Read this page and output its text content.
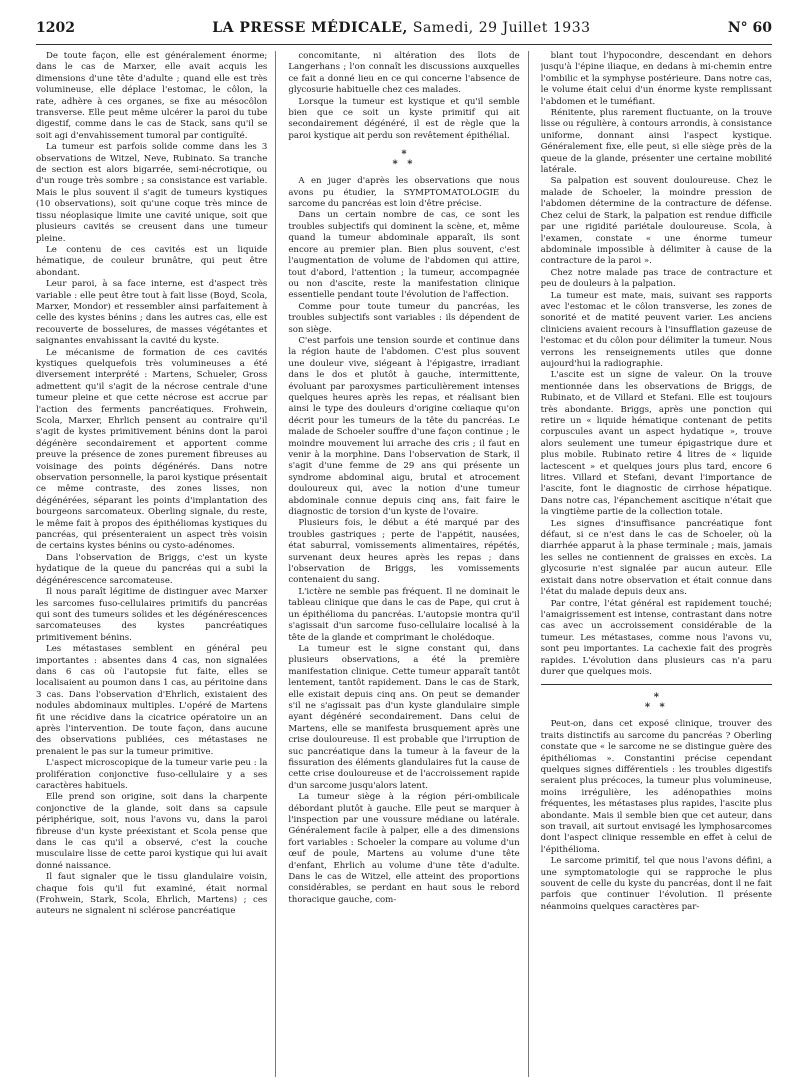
1202	LA PRESSE MÉDICALE, Samedi, 29 Juillet 1933	N° 60

De toute façon, elle est généralement énorme; dans le cas de Marxer, elle avait acquis les dimensions d'une tête d'adulte ; quand elle est très volumineuse, elle déplace l'estomac, le côlon, la rate, adhère à ces organes, se fixe au mésocôlon transverse. Elle peut même ulcérer la paroi du tube digestif, comme dans le cas de Stack, sans qu'il se soit agi d'envahissement tumoral par contiguïté.

La tumeur est parfois solide comme dans les 3 observations de Witzel, Neve, Rubinato. Sa tranche de section est alors bigarrée, semi-nécrotique, ou d'un rouge très sombre ; sa consistance est variable. Mais le plus souvent il s'agit de tumeurs kystiques (10 observations), soit qu'une coque très mince de tissu néoplasique limite une cavité unique, soit que plusieurs cavités se creusent dans une tumeur pleine.

Le contenu de ces cavités est un liquide hématique, de couleur brunâtre, qui peut être abondant.

Leur paroi, à sa face interne, est d'aspect très variable : elle peut être tout à fait lisse (Boyd, Scola, Marxer, Mondor) et ressembler ainsi parfaitement à celle des kystes bénins ; dans les autres cas, elle est recouverte de bosselures, de masses végétantes et saignantes envahissant la cavité du kyste.

Le mécanisme de formation de ces cavités kystiques quelquefois très volumineuses a été diversement interprété : Martens, Schueler, Gross admettent qu'il s'agit de la nécrose centrale d'une tumeur pleine et que cette nécrose est accrue par l'action des ferments pancréatiques. Frohwein, Scola, Marxer, Ehrlich pensent au contraire qu'il s'agit de kystes primitivement bénins dont la paroi dégénère secondairement et apportent comme preuve la présence de zones purement fibreuses au voisinage des points dégénérés. Dans notre observation personnelle, la paroi kystique présentait ce même contraste, des zones lisses, non dégénérées, séparant les points d'implantation des bourgeons sarcomateux. Oberling signale, du reste, le même fait à propos des épithéliomas kystiques du pancréas, qui présenteraient un aspect très voisin de certains kystes bénins ou cysto-adénomes.

Dans l'observation de Briggs, c'est un kyste hydatique de la queue du pancréas qui a subi la dégénérescence sarcomateuse.

Il nous paraît légitime de distinguer avec Marxer les sarcomes fuso-cellulaires primitifs du pancréas qui sont des tumeurs solides et les dégénérescences sarcomateuses des kystes pancréatiques primitivement bénins.

Les métastases semblent en général peu importantes : absentes dans 4 cas, non signalées dans 6 cas où l'autopsie fut faite, elles se localisaient au poumon dans 1 cas, au péritoine dans 3 cas. Dans l'observation d'Ehrlich, existaient des nodules abdominaux multiples. L'opéré de Martens fit une récidive dans la cicatrice opératoire un an après l'intervention. De toute façon, dans aucune des observations publiées, ces métastases ne prenaient le pas sur la tumeur primitive.

L'aspect microscopique de la tumeur varie peu : la prolifération conjonctive fuso-cellulaire y a ses caractères habituels.

Elle prend son origine, soit dans la charpente conjonctive de la glande, soit dans sa capsule périphérique, soit, nous l'avons vu, dans la paroi fibreuse d'un kyste préexistant et Scola pense que dans le cas qu'il a observé, c'est la couche musculaire lisse de cette paroi kystique qui lui avait donné naissance.

Il faut signaler que le tissu glandulaire voisin, chaque fois qu'il fut examiné, était normal (Frohwein, Stark, Scola, Ehrlich, Martens) ; ces auteurs ne signalent ni sclérose pancréatique

concomitante, ni altération des îlots de Langerhans ; l'on connaît les discussions auxquelles ce fait a donné lieu en ce qui concerne l'absence de glycosurie habituelle chez ces malades.

Lorsque la tumeur est kystique et qu'il semble bien que ce soit un kyste primitif qui ait secondairement dégénéré, il est de règle que la paroi kystique ait perdu son revêtement épithélial.

*
* *

A en juger d'après les observations que nous avons pu étudier, la SYMPTOMATOLOGIE du sarcome du pancréas est loin d'être précise.

Dans un certain nombre de cas, ce sont les troubles subjectifs qui dominent la scène, et, même quand la tumeur abdominale apparaît, ils sont encore au premier plan. Bien plus souvent, c'est l'augmentation de volume de l'abdomen qui attire, tout d'abord, l'attention ; la tumeur, accompagnée ou non d'ascite, reste la manifestation clinique essentielle pendant toute l'évolution de l'affection.

Comme pour toute tumeur du pancréas, les troubles subjectifs sont variables : ils dépendent de son siège.

C'est parfois une tension sourde et continue dans la région haute de l'abdomen. C'est plus souvent une douleur vive, siégeant à l'épigastre, irradiant dans le dos et plutôt à gauche, intermittente, évoluant par paroxysmes particulièrement intenses quelques heures après les repas, et réalisant bien ainsi le type des douleurs d'origine cœliaque qu'on décrit pour les tumeurs de la tête du pancréas. Le malade de Schoeler souffre d'une façon continue ; le moindre mouvement lui arrache des cris ; il faut en venir à la morphine. Dans l'observation de Stark, il s'agit d'une femme de 29 ans qui présente un syndrome abdominal aigu, brutal et atrocement douloureux qui, avec la notion d'une tumeur abdominale connue depuis cinq ans, fait faire le diagnostic de torsion d'un kyste de l'ovaire.

Plusieurs fois, le début a été marqué par des troubles gastriques ; perte de l'appétit, nausées, état saburral, vomissements alimentaires, répétés, survenant deux heures après les repas ; dans l'observation de Briggs, les vomissements contenaient du sang.

L'ictère ne semble pas fréquent. Il ne dominait le tableau clinique que dans le cas de Pape, qui crut à un épithélioma du pancréas. L'autopsie montra qu'il s'agissait d'un sarcome fuso-cellulaire localisé à la tête de la glande et comprimant le cholédoque.

La tumeur est le signe constant qui, dans plusieurs observations, a été la première manifestation clinique. Cette tumeur apparaît tantôt lentement, tantôt rapidement. Dans le cas de Stark, elle existait depuis cinq ans. On peut se demander s'il ne s'agissait pas d'un kyste glandulaire simple ayant dégénéré secondairement. Dans celui de Martens, elle se manifesta brusquement après une crise douloureuse. Il est probable que l'irruption de suc pancréatique dans la tumeur à la faveur de la fissuration des éléments glandulaires fut la cause de cette crise douloureuse et de l'accroissement rapide d'un sarcome jusqu'alors latent.

La tumeur siège à la région péri-ombilicale débordant plutôt à gauche. Elle peut se marquer à l'inspection par une voussure médiane ou latérale. Généralement facile à palper, elle a des dimensions fort variables : Schoeler la compare au volume d'un œuf de poule, Martens au volume d'une tête d'enfant, Ehrlich au volume d'une tête d'adulte. Dans le cas de Witzel, elle atteint des proportions considérables, se perdant en haut sous le rebord thoracique gauche, com-

blant tout l'hypocondre, descendant en dehors jusqu'à l'épine iliaque, en dedans à mi-chemin entre l'ombilic et la symphyse postérieure. Dans notre cas, le volume était celui d'un énorme kyste remplissant l'abdomen et le tuméfiant.

Rénitente, plus rarement fluctuante, on la trouve lisse ou régulière, à contours arrondis, à consistance uniforme, donnant ainsi l'aspect kystique. Généralement fixe, elle peut, si elle siège près de la queue de la glande, présenter une certaine mobilité latérale.

Sa palpation est souvent douloureuse. Chez le malade de Schoeler, la moindre pression de l'abdomen détermine de la contracture de défense. Chez celui de Stark, la palpation est rendue difficile par une rigidité pariétale douloureuse. Scola, à l'examen, constate « une énorme tumeur abdominale impossible à délimiter à cause de la contracture de la paroi ».

Chez notre malade pas trace de contracture et peu de douleurs à la palpation.

La tumeur est mate, mais, suivant ses rapports avec l'estomac et le côlon transverse, les zones de sonorité et de matité peuvent varier. Les anciens cliniciens avaient recours à l'insufflation gazeuse de l'estomac et du côlon pour délimiter la tumeur. Nous verrons les renseignements utiles que donne aujourd'hui la radiographie.

L'ascite est un signe de valeur. On la trouve mentionnée dans les observations de Briggs, de Rubinato, et de Villard et Stefani. Elle est toujours très abondante. Briggs, après une ponction qui retire un « liquide hématique contenant de petits corpuscules avant un aspect hydatique », trouve alors seulement une tumeur épigastrique dure et plus mobile. Rubinato retire 4 litres de « liquide lactescent » et quelques jours plus tard, encore 6 litres. Villard et Stefani, devant l'importance de l'ascite, font le diagnostic de cirrhose hépatique. Dans notre cas, l'épanchement ascitique n'était que la vingtième partie de la collection totale.

Les signes d'insuffisance pancréatique font défaut, si ce n'est dans le cas de Schoeler, où la diarrhée apparut à la phase terminale ; mais, jamais les selles ne contiennent de graisses en excès. La glycosurie n'est signalée par aucun auteur. Elle existait dans notre observation et était connue dans l'état du malade depuis deux ans.

Par contre, l'état général est rapidement touché; l'amaigrissement est intense, contrastant dans notre cas avec un accroissement considérable de la tumeur. Les métastases, comme nous l'avons vu, sont peu importantes. La cachexie fait des progrès rapides. L'évolution dans plusieurs cas n'a paru durer que quelques mois.

*
* *

Peut-on, dans cet exposé clinique, trouver des traits distinctifs au sarcome du pancréas ? Oberling constate que « le sarcome ne se distingue guère des épithéliomas ». Constantini précise cependant quelques signes différentiels : les troubles digestifs seraient plus précoces, la tumeur plus volumineuse, moins irrégulière, les adénopathies moins fréquentes, les métastases plus rapides, l'ascite plus abondante. Mais il semble bien que cet auteur, dans son travail, ait surtout envisagé les lymphosarcomes dont l'aspect clinique ressemble en effet à celui de l'épithélioma.

Le sarcome primitif, tel que nous l'avons défini, a une symptomatologie qui se rapproche le plus souvent de celle du kyste du pancréas, dont il ne fait parfois que continuer l'évolution. Il présente néanmoins quelques caractères par-
